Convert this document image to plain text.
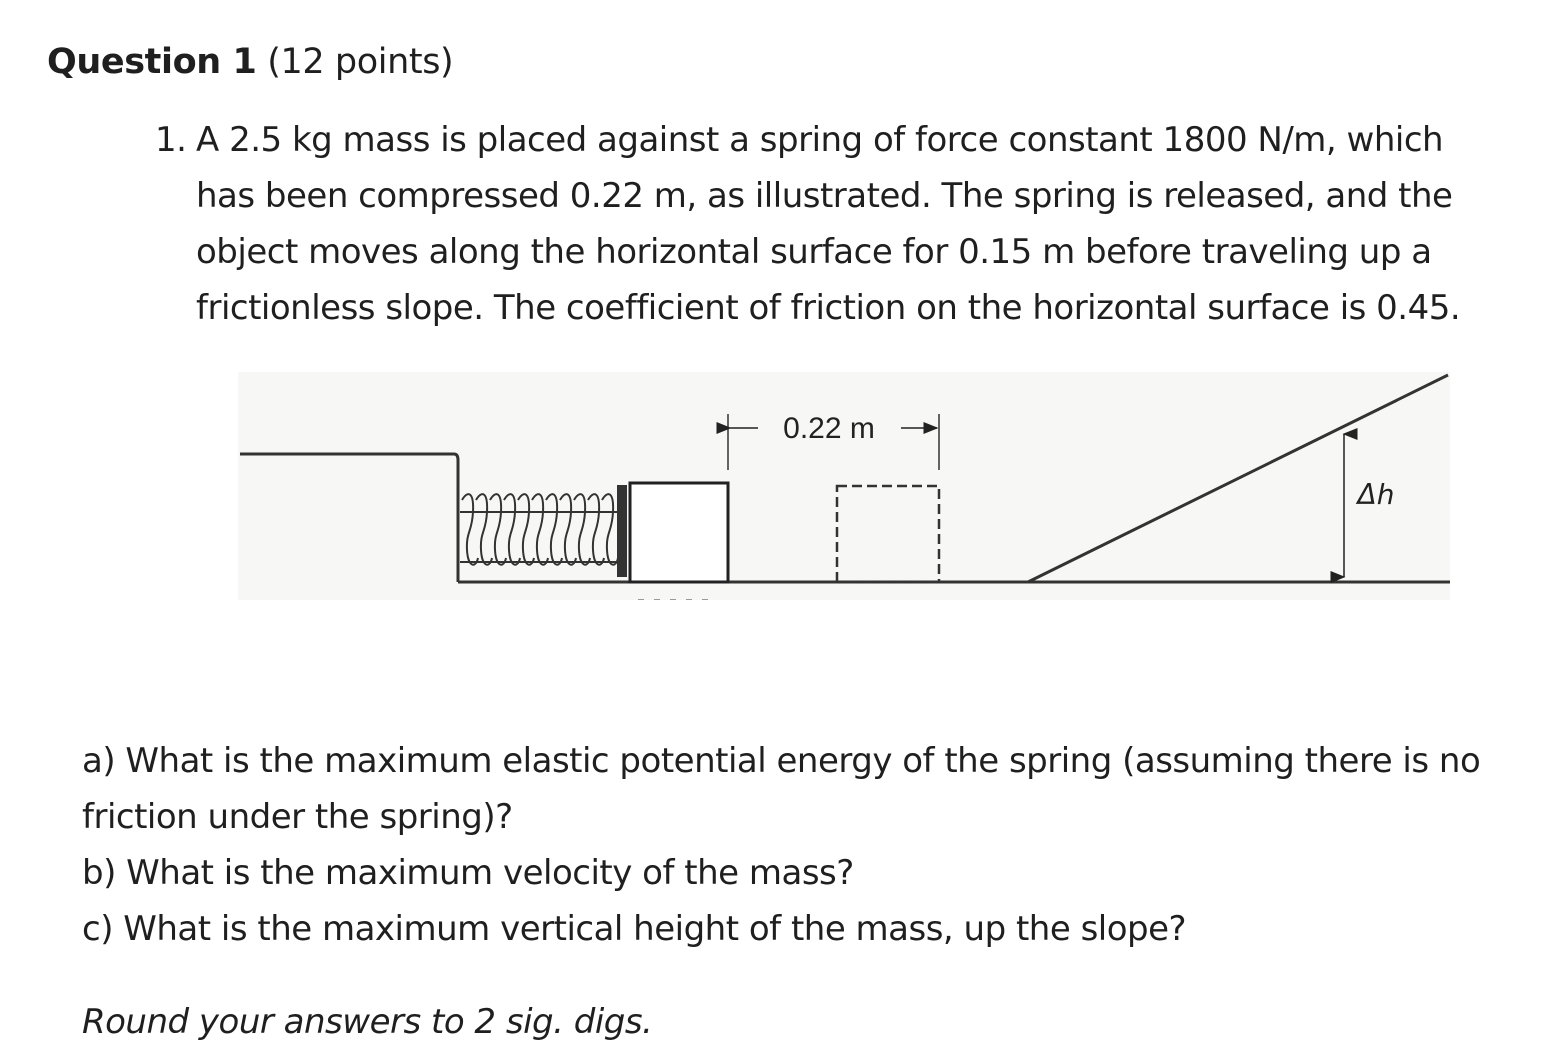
Question 1 (12 points)
1. A 2.5 kg mass is placed against a spring of force constant 1800 N/m, which
has been compressed 0.22 m, as illustrated. The spring is released, and the
object moves along the horizontal surface for 0.15 m before traveling up a
frictionless slope. The coefficient of friction on the horizontal surface is 0.45.
0.22 m
Δh
a) What is the maximum elastic potential energy of the spring (assuming there is no
friction under the spring)?
b) What is the maximum velocity of the mass?
c) What is the maximum vertical height of the mass, up the slope?
Round your answers to 2 sig. digs.
